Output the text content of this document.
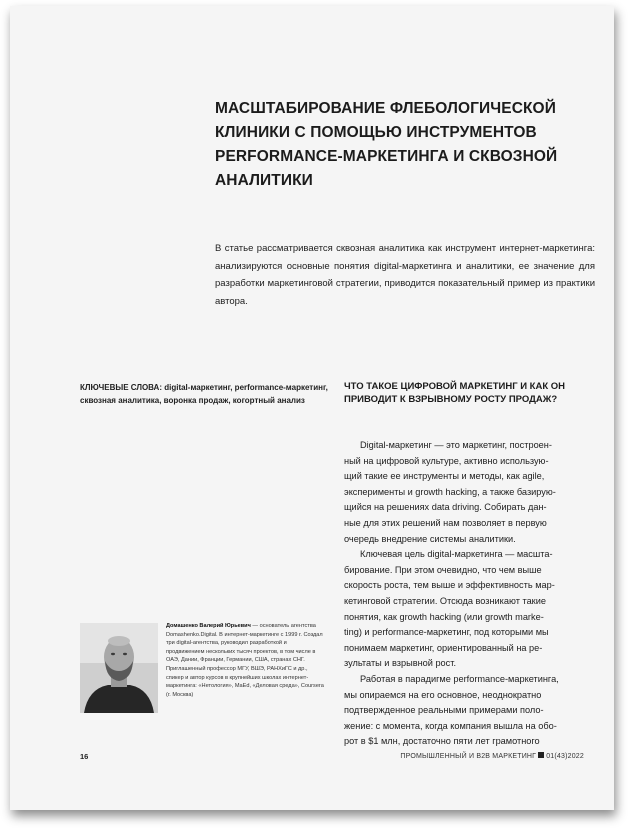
МАСШТАБИРОВАНИЕ ФЛЕБОЛОГИЧЕСКОЙ
КЛИНИКИ С ПОМОЩЬЮ ИНСТРУМЕНТОВ
PERFORMANCE-МАРКЕТИНГА И СКВОЗНОЙ
АНАЛИТИКИ
В статье рассматривается сквозная аналитика как инструмент интернет-маркетинга: анализируются основные понятия digital-маркетинга и аналитики, ее значение для разработки маркетинговой стратегии, приводится показательный пример из практики автора.
КЛЮЧЕВЫЕ СЛОВА: digital-маркетинг, performance-маркетинг, сквозная аналитика, воронка продаж, когортный анализ
ЧТО ТАКОЕ ЦИФРОВОЙ МАРКЕТИНГ И КАК ОН ПРИВОДИТ К ВЗРЫВНОМУ РОСТУ ПРОДАЖ?

Digital-маркетинг — это маркетинг, построен-
ный на цифровой культуре, активно использую-
щий такие ее инструменты и методы, как agile,
эксперименты и growth hacking, а также базирую-
щийся на решениях data driving. Собирать дан-
ные для этих решений нам позволяет в первую
очередь внедрение системы аналитики.

Ключевая цель digital-маркетинга — масшта-
бирование. При этом очевидно, что чем выше
скорость роста, тем выше и эффективность мар-
кетинговой стратегии. Отсюда возникают такие
понятия, как growth hacking (или growth marke-
ting) и performance-маркетинг, под которыми мы
понимаем маркетинг, ориентированный на ре-
зультаты и взрывной рост.

Работая в парадигме performance-маркетинга,
мы опираемся на его основное, неоднократно
подтвержденное реальными примерами поло-
жение: с момента, когда компания вышла на обо-
рот в $1 млн, достаточно пяти лет грамотного

Домашенко Валерий Юрьевич — основатель агентства Domashenko.Digital. В интернет-маркетинге с 1999 г. Создал три digital-агентства, руководил разработкой и продвижением нескольких тысяч проектов, в том числе в ОАЭ, Дании, Франции, Германии, США, странах СНГ. Приглашенный профессор МГУ, ВШЭ, РАНХиГС и др., спикер и автор курсов в крупнейших школах интернет-маркетинга: «Нетология», MaEd, «Деловая среда», Coursera (г. Москва)
16	ПРОМЫШЛЕННЫЙ И B2B МАРКЕТИНГ 01(43)2022
